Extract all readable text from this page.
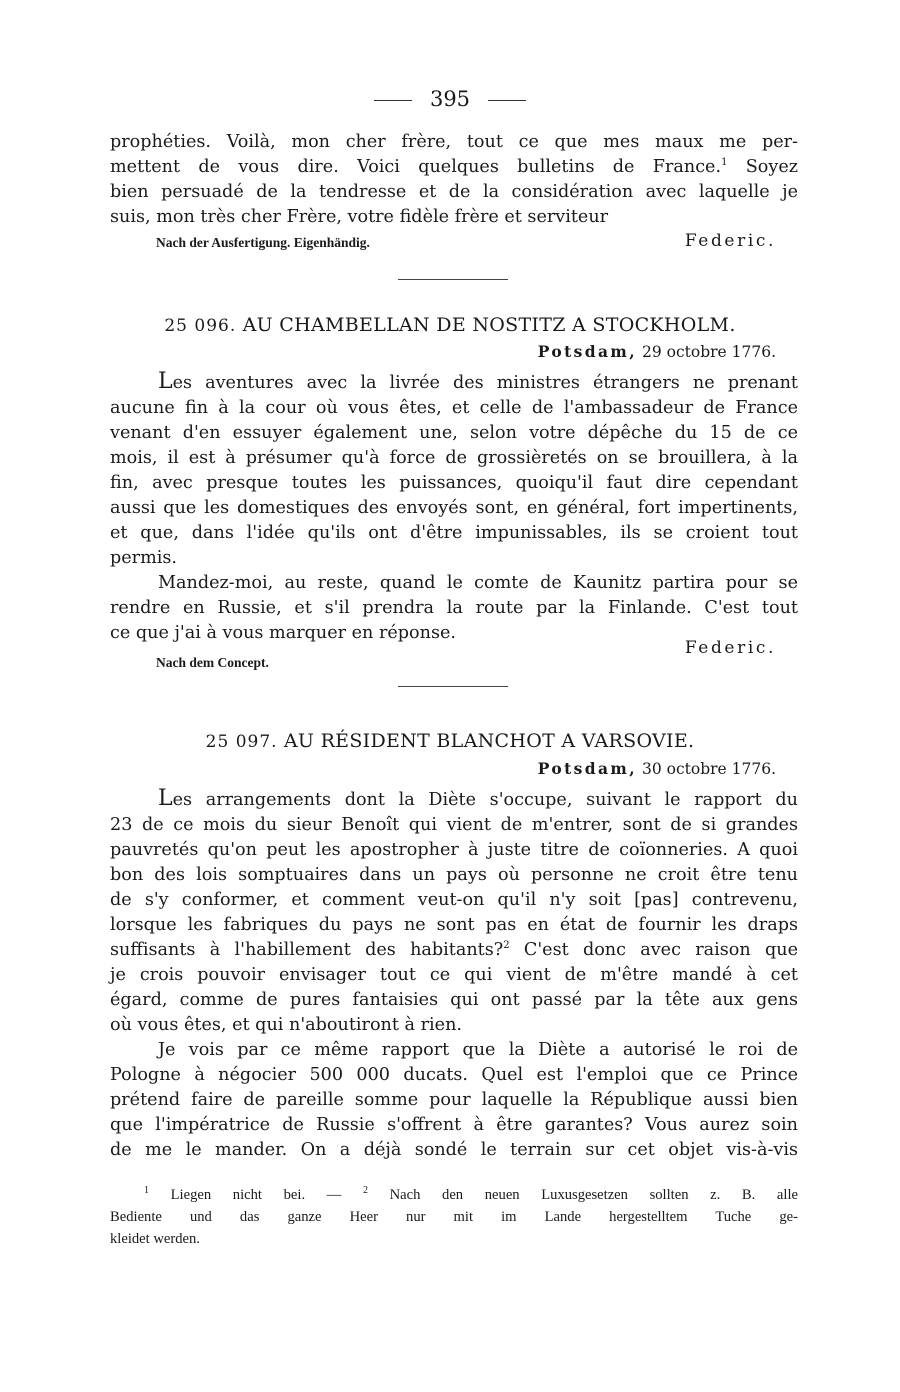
395
prophéties. Voilà, mon cher frère, tout ce que mes maux me per-
mettent de vous dire. Voici quelques bulletins de France.$^1$ Soyez
bien persuadé de la tendresse et de la considération avec laquelle je
suis, mon très cher Frère, votre fidèle frère et serviteur
Nach der Ausfertigung. Eigenhändig.	Federic.
25 096. AU CHAMBELLAN DE NOSTITZ A STOCKHOLM.
Potsdam, 29 octobre 1776.
Les aventures avec la livrée des ministres étrangers ne prenant
aucune fin à la cour où vous êtes, et celle de l'ambassadeur de France
venant d'en essuyer également une, selon votre dépêche du 15 de ce
mois, il est à présumer qu'à force de grossièretés on se brouillera, à la
fin, avec presque toutes les puissances, quoiqu'il faut dire cependant
aussi que les domestiques des envoyés sont, en général, fort impertinents,
et que, dans l'idée qu'ils ont d'être impunissables, ils se croient tout
permis.
Mandez-moi, au reste, quand le comte de Kaunitz partira pour se
rendre en Russie, et s'il prendra la route par la Finlande. C'est tout
ce que j'ai à vous marquer en réponse.
Federic.
Nach dem Concept.
25 097. AU RÉSIDENT BLANCHOT A VARSOVIE.
Potsdam, 30 octobre 1776.
Les arrangements dont la Diète s'occupe, suivant le rapport du
23 de ce mois du sieur Benoît qui vient de m'entrer, sont de si grandes
pauvretés qu'on peut les apostropher à juste titre de coïonneries. A quoi
bon des lois somptuaires dans un pays où personne ne croit être tenu
de s'y conformer, et comment veut-on qu'il n'y soit [pas] contrevenu,
lorsque les fabriques du pays ne sont pas en état de fournir les draps
suffisants à l'habillement des habitants?$^2$ C'est donc avec raison que
je crois pouvoir envisager tout ce qui vient de m'être mandé à cet
égard, comme de pures fantaisies qui ont passé par la tête aux gens
où vous êtes, et qui n'aboutiront à rien.
Je vois par ce même rapport que la Diète a autorisé le roi de
Pologne à négocier 500 000 ducats. Quel est l'emploi que ce Prince
prétend faire de pareille somme pour laquelle la République aussi bien
que l'impératrice de Russie s'offrent à être garantes? Vous aurez soin
de me le mander. On a déjà sondé le terrain sur cet objet vis-à-vis
$^1$ Liegen nicht bei. — $^2$ Nach den neuen Luxusgesetzen sollten z. B. alle
Bediente und das ganze Heer nur mit im Lande hergestelltem Tuche ge-
kleidet werden.
